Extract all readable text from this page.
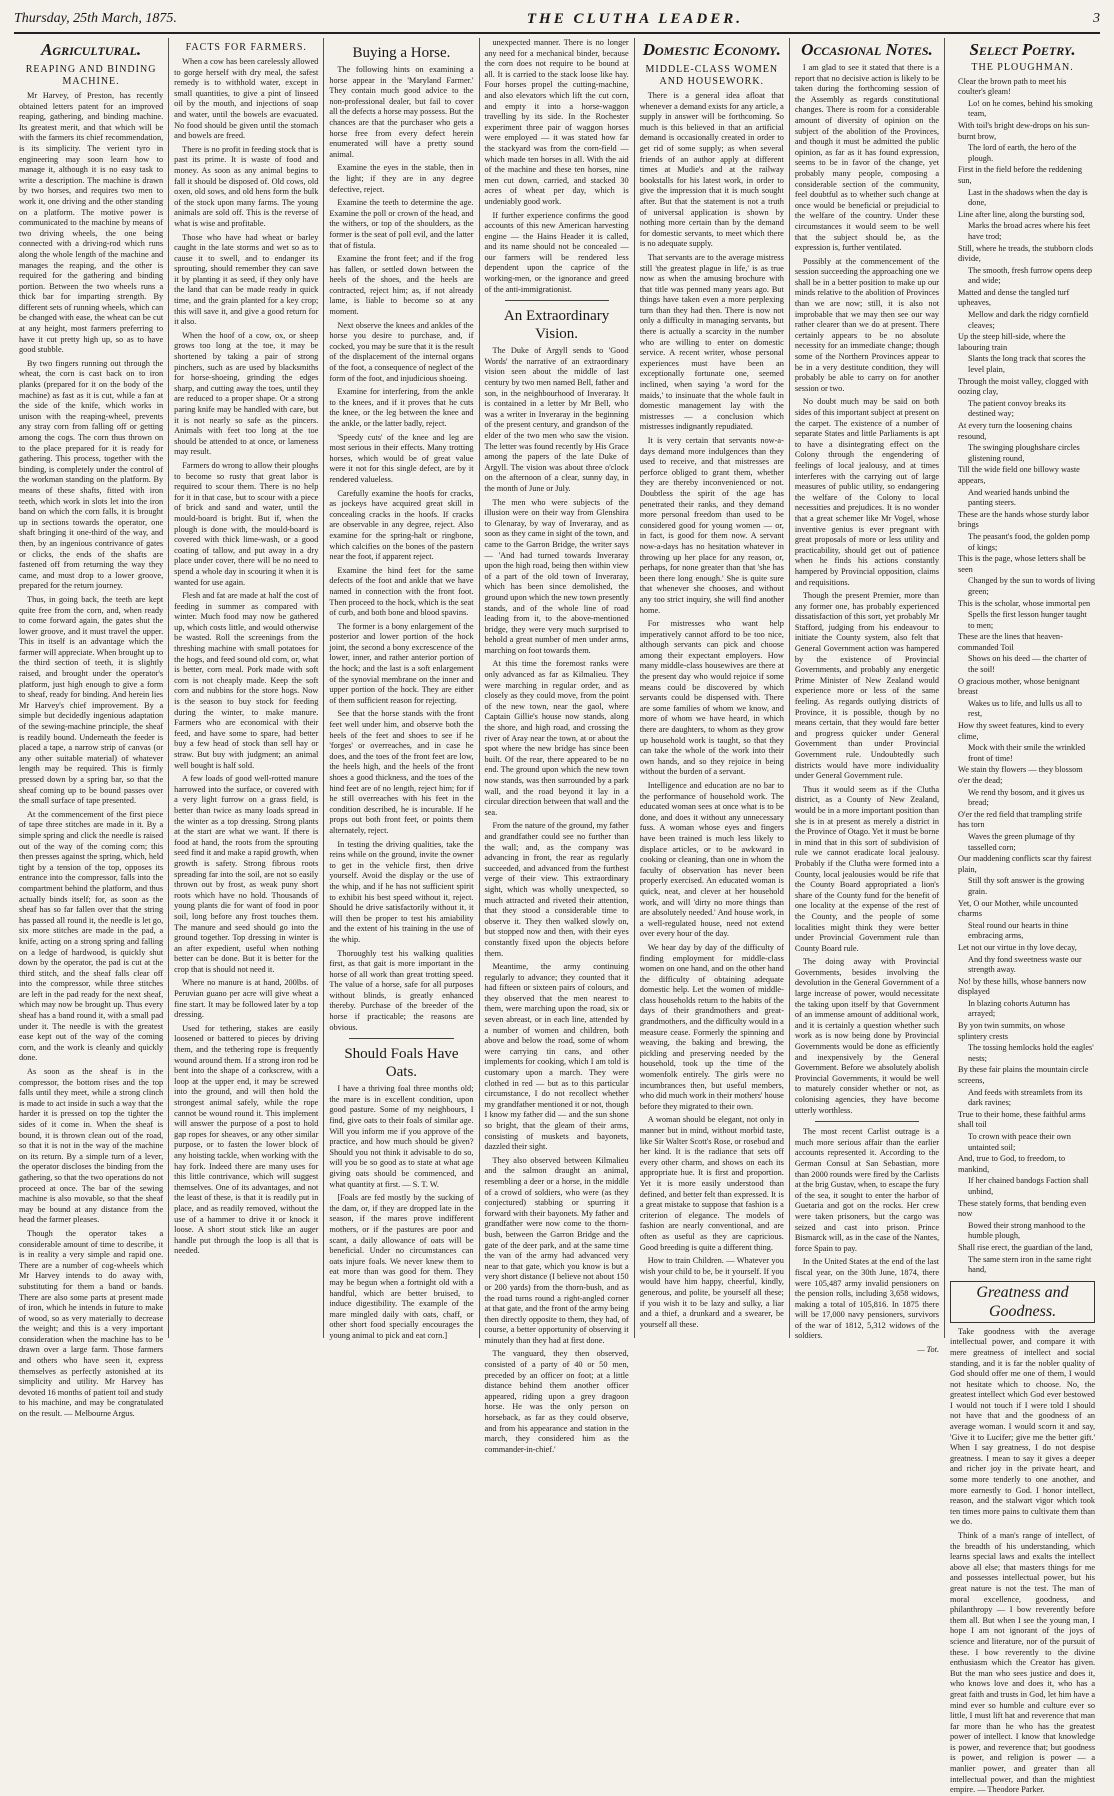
Thursday, 25th March, 1875.	THE CLUTHA LEADER.	3
Agricultural.
REAPING AND BINDING MACHINE.

Mr Harvey, of Preston, has recently obtained letters patent for an improved reaping, gathering, and binding machine. Its greatest merit, and that which will be with the farmers its chief recommendation, is its simplicity. The verient tyro in engineering may soon learn how to manage it, although it is no easy task to write a description. The machine is drawn by two horses, and requires two men to work it, one driving and the other standing on a platform. The motive power is communicated to the machine by means of two driving wheels, the one being connected with a driving-rod which runs along the whole length of the machine and manages the reaping, and the other is required for the gathering and binding portion. Between the two wheels runs a thick bar for imparting strength. By different sets of running wheels, which can be changed with ease, the wheat can be cut at any height, most farmers preferring to have it cut pretty high up, so as to have good stubble.

By two fingers running out through the wheat, the corn is cast back on to iron planks (prepared for it on the body of the machine) as fast as it is cut, while a fan at the side of the knife, which works in unison with the reaping-wheel, prevents any stray corn from falling off or getting among the cogs. The corn thus thrown on to the place prepared for it is ready for gathering. This process, together with the binding, is completely under the control of the workman standing on the platform. By means of these shafts, fitted with iron teeth, which work in slots let into the iron band on which the corn falls, it is brought up in sections towards the operator, one shaft bringing it one-third of the way, and then, by an ingenious contrivance of gates or clicks, the ends of the shafts are fastened off from returning the way they came, and must drop to a lower groove, prepared for the return journey.

Thus, in going back, the teeth are kept quite free from the corn, and, when ready to come forward again, the gates shut the lower groove, and it must travel the upper. This in itself is an advantage which the farmer will appreciate. When brought up to the third section of teeth, it is slightly raised, and brought under the operator's platform, just high enough to give a form to sheaf, ready for binding. And herein lies Mr Harvey's chief improvement. By a simple but decidedly ingenious adaptation of the sewing-machine principle, the sheaf is readily bound. Underneath the feeder is placed a tape, a narrow strip of canvas (or any other suitable material) of whatever length may be required. This is firmly pressed down by a spring bar, so that the sheaf coming up to be bound passes over the small surface of tape presented.

At the commencement of the first piece of tape three stitches are made in it. By a simple spring and click the needle is raised out of the way of the coming corn; this then presses against the spring, which, held tight by a tension of the top, opposes its entrance into the compressor, falls into the compartment behind the platform, and thus actually binds itself; for, as soon as the sheaf has so far fallen over that the string has passed all round it, the needle is let go, six more stitches are made in the pad, a knife, acting on a strong spring and falling on a ledge of hardwood, is quickly shut down by the operator, the pad is cut at the third stitch, and the sheaf falls clear off into the compressor, while three stitches are left in the pad ready for the next sheaf, which may now be brought up. Thus every sheaf has a band round it, with a small pad under it. The needle is with the greatest ease kept out of the way of the coming corn, and the work is cleanly and quickly done.

As soon as the sheaf is in the compressor, the bottom rises and the top falls until they meet, while a strong clinch is made to act inside in such a way that the harder it is pressed on top the tighter the sides of it come in. When the sheaf is bound, it is thrown clean out of the road, so that it is not in the way of the machine on its return. By a simple turn of a lever, the operator discloses the binding from the gathering, so that the two operations do not proceed at once. The bar of the sewing machine is also movable, so that the sheaf may be bound at any distance from the head the farmer pleases.

Though the operator takes a considerable amount of time to describe, it is in reality a very simple and rapid one. There are a number of cog-wheels which Mr Harvey intends to do away with, substituting for them a band or bands. There are also some parts at present made of iron, which he intends in future to make of wood, so as very materially to decrease the weight; and this is a very important consideration when the machine has to be drawn over a large farm. Those farmers and others who have seen it, express themselves as perfectly astonished at its simplicity and utility. Mr Harvey has devoted 16 months of patient toil and study to his machine, and may be congratulated on the result. — Melbourne Argus.

FACTS FOR FARMERS.

When a cow has been carelessly allowed to gorge herself with dry meal, the safest remedy is to withhold water, except in small quantities, to give a pint of linseed oil by the mouth, and injections of soap and water, until the bowels are evacuated. No food should be given until the stomach and bowels are freed.

There is no profit in feeding stock that is past its prime. It is waste of food and money. As soon as any animal begins to fall it should be disposed of. Old cows, old oxen, old sows, and old hens form the bulk of the stock upon many farms. The young animals are sold off. This is the reverse of what is wise and profitable.

Those who have had wheat or barley caught in the late storms and wet so as to cause it to swell, and to endanger its sprouting, should remember they can save it by planting it as seed, if they only have the land that can be made ready in quick time, and the grain planted for a key crop; this will save it, and give a good return for it also.

When the hoof of a cow, ox, or sheep grows too long at the toe, it may be shortened by taking a pair of strong pinchers, such as are used by blacksmiths for horse-shoeing, grinding the edges sharp, and cutting away the toes, until they are reduced to a proper shape. Or a strong paring knife may be handled with care, but it is not nearly so safe as the pincers. Animals with feet too long at the toe should be attended to at once, or lameness may result.

Farmers do wrong to allow their ploughs to become so rusty that great labor is required to scour them. There is no help for it in that case, but to scour with a piece of brick and sand and water, until the mould-board is bright. But if, when the plough is done with, the mould-board is covered with thick lime-wash, or a good coating of tallow, and put away in a dry place under cover, there will be no need to spend a whole day in scouring it when it is wanted for use again.

Flesh and fat are made at half the cost of feeding in summer as compared with winter. Much food may now be gathered up, which costs little, and would otherwise be wasted. Roll the screenings from the threshing machine with small potatoes for the hogs, and feed sound old corn, or, what is better, corn meal. Pork made with soft corn is not cheaply made. Keep the soft corn and nubbins for the store hogs. Now is the season to buy stock for feeding during the winter, to make manure. Farmers who are economical with their feed, and have some to spare, had better buy a few head of stock than sell hay or straw. But buy with judgment; an animal well bought is half sold.

A few loads of good well-rotted manure harrowed into the surface, or covered with a very light furrow on a grass field, is better than twice as many loads spread in the winter as a top dressing. Strong plants at the start are what we want. If there is food at hand, the roots from the sprouting seed find it and make a rapid growth, when growth is safety. Strong fibrous roots spreading far into the soil, are not so easily thrown out by frost, as weak puny short roots which have no hold. Thousands of young plants die for want of food in poor soil, long before any frost touches them. The manure and seed should go into the ground together. Top dressing in winter is an after expedient, useful when nothing better can be done. But it is better for the crop that is should not need it.

Where no manure is at hand, 200lbs. of Peruvian guano per acre will give wheat a fine start. It may be followed later by a top dressing.

Used for tethering, stakes are easily loosened or battered to pieces by driving them, and the tethering rope is frequently wound around them. If a strong iron rod be bent into the shape of a corkscrew, with a loop at the upper end, it may be screwed into the ground, and will then hold the strongest animal safely, while the rope cannot be wound round it. This implement will answer the purpose of a post to hold gap ropes for sheaves, or any other similar purpose, or to fasten the lower block of any hoisting tackle, when working with the hay fork. Indeed there are many uses for this little contrivance, which will suggest themselves. One of its advantages, and not the least of these, is that it is readily put in place, and as readily removed, without the use of a hammer to drive it or knock it loose. A short stout stick like an auger handle put through the loop is all that is needed.

Buying a Horse.

The following hints on examining a horse appear in the 'Maryland Farmer.' They contain much good advice to the non-professional dealer, but fail to cover all the defects a horse may possess. But the chances are that the purchaser who gets a horse free from every defect herein enumerated will have a pretty sound animal.

Examine the eyes in the stable, then in the light; if they are in any degree defective, reject.

Examine the teeth to determine the age. Examine the poll or crown of the head, and the withers, or top of the shoulders, as the former is the seat of poll evil, and the latter that of fistula.

Examine the front feet; and if the frog has fallen, or settled down between the heels of the shoes, and the heels are contracted, reject him; as, if not already lame, is liable to become so at any moment.

Next observe the knees and ankles of the horse you desire to purchase, and, if cocked, you may be sure that it is the result of the displacement of the internal organs of the foot, a consequence of neglect of the form of the foot, and injudicious shoeing.

Examine for interfering, from the ankle to the knees, and if it proves that he cuts the knee, or the leg between the knee and the ankle, or the latter badly, reject.

'Speedy cuts' of the knee and leg are most serious in their effects. Many trotting horses, which would be of great value were it not for this single defect, are by it rendered valueless.

Carefully examine the hoofs for cracks, as jockeys have acquired great skill in concealing cracks in the hoofs. If cracks are observable in any degree, reject. Also examine for the spring-halt or ringbone, which calcifies on the bones of the pastern near the foot, if apparent reject.

Examine the hind feet for the same defects of the foot and ankle that we have named in connection with the front foot. Then proceed to the hock, which is the seat of curb, and both bone and blood spavins.

The former is a bony enlargement of the posterior and lower portion of the hock joint, the second a bony excrescence of the lower, inner, and rather anterior portion of the hock; and the last is a soft enlargement of the synovial membrane on the inner and upper portion of the hock. They are either of them sufficient reason for rejecting.

See that the horse stands with the front feet well under him, and observe both the heels of the feet and shoes to see if he 'forges' or overreaches, and in case he does, and the toes of the front feet are low, the heels high, and the heels of the front shoes a good thickness, and the toes of the hind feet are of no length, reject him; for if he still overreaches with his feet in the condition described, he is incurable. If he props out both front feet, or points them alternately, reject.

In testing the driving qualities, take the reins while on the ground, invite the owner to get in the vehicle first, then drive yourself. Avoid the display or the use of the whip, and if he has not sufficient spirit to exhibit his best speed without it, reject. Should he drive satisfactorily without it, it will then be proper to test his amiability and the extent of his training in the use of the whip.

Thoroughly test his walking qualities first, as that gait is more important in the horse of all work than great trotting speed. The value of a horse, safe for all purposes without blinds, is greatly enhanced thereby. Purchase of the breeder of the horse if practicable; the reasons are obvious.

Should Foals Have Oats.

I have a thriving foal three months old; the mare is in excellent condition, upon good pasture. Some of my neighbours, I find, give oats to their foals of similar age. Will you inform me if you approve of the practice, and how much should be given? Should you not think it advisable to do so, will you be so good as to state at what age giving oats should be commenced, and what quantity at first. — S. T. W.

[Foals are fed mostly by the sucking of the dam, or, if they are dropped late in the season, if the mares prove indifferent mothers, or if the pastures are poor and scant, a daily allowance of oats will be beneficial. Under no circumstances can oats injure foals. We never knew them to eat more than was good for them. They may be begun when a fortnight old with a handful, which are better bruised, to induce digestibility. The example of the mare mingled daily with oats, chaff, or other short food specially encourages the young animal to pick and eat corn.]

unexpected manner. There is no longer any need for a mechanical binder, because the corn does not require to be bound at all. It is carried to the stack loose like hay. Four horses propel the cutting-machine, and also elevators which lift the cut corn, and empty it into a horse-waggon travelling by its side. In the Rochester experiment three pair of waggon horses were employed — it was stated how far the stackyard was from the corn-field — which made ten horses in all. With the aid of the machine and these ten horses, nine men cut down, carried, and stacked 30 acres of wheat per day, which is undeniably good work.

If further experience confirms the good accounts of this new American harvesting engine — the Hains Header it is called, and its name should not be concealed — our farmers will be rendered less dependent upon the caprice of the working-men, or the ignorance and greed of the anti-immigrationist.

An Extraordinary Vision.

The Duke of Argyll sends to 'Good Words' the narrative of an extraordinary vision seen about the middle of last century by two men named Bell, father and son, in the neighbourhood of Inveraray. It is contained in a letter by Mr Bell, who was a writer in Inveraray in the beginning of the present century, and grandson of the elder of the two men who saw the vision. The letter was found recently by His Grace among the papers of the late Duke of Argyll. The vision was about three o'clock on the afternoon of a clear, sunny day, in the month of June or July.

The men who were subjects of the illusion were on their way from Glenshira to Glenaray, by way of Inveraray, and as soon as they came in sight of the town, and came to the Garron Bridge, the writer says — 'And had turned towards Inveraray upon the high road, being then within view of a part of the old town of Inveraray, which has been since demolished, the ground upon which the new town presently stands, and of the whole line of road leading from it, to the above-mentioned bridge, they were very much surprised to behold a great number of men under arms, marching on foot towards them.

At this time the foremost ranks were only advanced as far as Kilmalieu. They were marching in regular order, and as closely as they could move, from the point of the new town, near the gaol, where Captain Gillie's house now stands, along the shore, and high road, and crossing the river of Aray near the town, at or about the spot where the new bridge has since been built. Of the rear, there appeared to be no end. The ground upon which the new town now stands, was then surrounded by a park wall, and the road beyond it lay in a circular direction between that wall and the sea.

From the nature of the ground, my father and grandfather could see no further than the wall; and, as the company was advancing in front, the rear as regularly succeeded, and advanced from the furthest verge of their view. This extraordinary sight, which was wholly unexpected, so much attracted and riveted their attention, that they stood a considerable time to observe it. They then walked slowly on, but stopped now and then, with their eyes constantly fixed upon the objects before them.

Meantime, the army continuing regularly to advance; they counted that it had fifteen or sixteen pairs of colours, and they observed that the men nearest to them, were marching upon the road, six or seven abreast, or in each line, attended by a number of women and children, both above and below the road, some of whom were carrying tin cans, and other implements for cooking, which I am told is customary upon a march. They were clothed in red — but as to this particular circumstance, I do not recollect whether my grandfather mentioned it or not, though I know my father did — and the sun shone so bright, that the gleam of their arms, consisting of muskets and bayonets, dazzled their sight.

They also observed between Kilmalieu and the salmon draught an animal, resembling a deer or a horse, in the middle of a crowd of soldiers, who were (as they conjectured) stabbing or spurring it forward with their bayonets. My father and grandfather were now come to the thorn-bush, between the Garron Bridge and the gate of the deer park, and at the same time the van of the army had advanced very near to that gate, which you know is but a very short distance (I believe not about 150 or 200 yards) from the thorn-bush, and as the road turns round a right-angled corner at that gate, and the front of the army being then directly opposite to them, they had, of course, a better opportunity of observing it minutely than they had at first done.

The vanguard, they then observed, consisted of a party of 40 or 50 men, preceded by an officer on foot; at a little distance behind them another officer appeared, riding upon a grey dragoon horse. He was the only person on horseback, as far as they could observe, and from his appearance and station in the march, they considered him as the commander-in-chief.'

Domestic Economy.
MIDDLE-CLASS WOMEN AND HOUSEWORK.

There is a general idea afloat that whenever a demand exists for any article, a supply in answer will be forthcoming. So much is this believed in that an artificial demand is occasionally created in order to get rid of some supply; as when several friends of an author apply at different times at Mudie's and at the railway bookstalls for his latest work, in order to give the impression that it is much sought after. But that the statement is not a truth of universal application is shown by nothing more certain than by the demand for domestic servants, to meet which there is no adequate supply.

That servants are to the average mistress still 'the greatest plague in life,' is as true now as when the amusing brochure with that title was penned many years ago. But things have taken even a more perplexing turn than they had then. There is now not only a difficulty in managing servants, but there is actually a scarcity in the number who are willing to enter on domestic service. A recent writer, whose personal experiences must have been an exceptionally fortunate one, seemed inclined, when saying 'a word for the maids,' to insinuate that the whole fault in domestic management lay with the mistresses — a conclusion which mistresses indignantly repudiated.

It is very certain that servants now-a-days demand more indulgences than they used to receive, and that mistresses are perforce obliged to grant them, whether they are thereby inconvenienced or not. Doubtless the spirit of the age has penetrated their ranks, and they demand more personal freedom than used to be considered good for young women — or, in fact, is good for them now. A servant now-a-days has no hesitation whatever in throwing up her place for any reason, or, perhaps, for none greater than that 'she has been there long enough.' She is quite sure that whenever she chooses, and without any too strict inquiry, she will find another home.

For mistresses who want help imperatively cannot afford to be too nice, although servants can pick and choose among their expectant employers. How many middle-class housewives are there at the present day who would rejoice if some means could be discovered by which servants could be dispensed with. There are some families of whom we know, and more of whom we have heard, in which there are daughters, to whom as they grow up household work is taught, so that they can take the whole of the work into their own hands, and so they rejoice in being without the burden of a servant.

Intelligence and education are no bar to the performance of household work. The educated woman sees at once what is to be done, and does it without any unnecessary fuss. A woman whose eyes and fingers have been trained is much less likely to displace articles, or to be awkward in cooking or cleaning, than one in whom the faculty of observation has never been properly exercised. An educated woman is quick, neat, and clever at her household work, and will 'dirty no more things than are absolutely needed.' And house work, in a well-regulated house, need not extend over every hour of the day.

We hear day by day of the difficulty of finding employment for middle-class women on one hand, and on the other hand the difficulty of obtaining adequate domestic help. Let the women of middle-class households return to the habits of the days of their grandmothers and great-grandmothers, and the difficulty would in a measure cease. Formerly the spinning and weaving, the baking and brewing, the pickling and preserving needed by the household, took up the time of the womenfolk entirely. The girls were no incumbrances then, but useful members, who did much work in their mothers' house before they migrated to their own.

A woman should be elegant, not only in manner but in mind, without morbid taste, like Sir Walter Scott's Rose, or rosebud and her kind. It is the radiance that sets off every other charm, and shows on each its appropriate hue. It is first and proportion. Yet it is more easily understood than defined, and better felt than expressed. It is a great mistake to suppose that fashion is a criterion of elegance. The models of fashion are nearly conventional, and are often as useful as they are capricious. Good breeding is quite a different thing.

How to train Children. — Whatever you wish your child to be, be it yourself. If you would have him happy, cheerful, kindly, generous, and polite, be yourself all these; if you wish it to be lazy and sulky, a liar and a thief, a drunkard and a swearer, be yourself all these.

Occasional Notes.

I am glad to see it stated that there is a report that no decisive action is likely to be taken during the forthcoming session of the Assembly as regards constitutional changes. There is room for a considerable amount of diversity of opinion on the subject of the abolition of the Provinces, and though it must be admitted the public opinion, as far as it has found expression, seems to be in favor of the change, yet probably many people, composing a considerable section of the community, feel doubtful as to whether such change at once would be beneficial or prejudicial to the welfare of the country. Under these circumstances it would seem to be well that the subject should be, as the expression is, further ventilated.

Possibly at the commencement of the session succeeding the approaching one we shall be in a better position to make up our minds relative to the abolition of Provinces than we are now; still, it is also not improbable that we may then see our way rather clearer than we do at present. There certainly appears to be no absolute necessity for an immediate change; though some of the Northern Provinces appear to be in a very destitute condition, they will probably be able to carry on for another session or two.

No doubt much may be said on both sides of this important subject at present on the carpet. The existence of a number of separate States and little Parliaments is apt to have a disintegrating effect on the Colony through the engendering of feelings of local jealousy, and at times interferes with the carrying out of large measures of public utility, so endangering the welfare of the Colony to local necessities and prejudices. It is no wonder that a great schemer like Mr Vogel, whose inventive genius is ever pregnant with great proposals of more or less utility and practicability, should get out of patience when he finds his actions constantly hampered by Provincial opposition, claims and requisitions.

Though the present Premier, more than any former one, has probably experienced dissatisfaction of this sort, yet probably Mr Stafford, judging from his endeavour to initiate the County system, also felt that General Government action was hampered by the existence of Provincial Governments, and probably any energetic Prime Minister of New Zealand would experience more or less of the same feeling. As regards outlying districts of Province, it is possible, though by no means certain, that they would fare better and progress quicker under General Government than under Provincial Government rule. Undoubtedly such districts would have more individuality under General Government rule.

Thus it would seem as if the Clutha district, as a County of New Zealand, would be in a more important position than she is in at present as merely a district in the Province of Otago. Yet it must be borne in mind that in this sort of subdivision of rule we cannot eradicate local jealousy. Probably if the Clutha were formed into a County, local jealousies would be rife that the County Board appropriated a lion's share of the County fund for the benefit of one locality at the expense of the rest of the County, and the people of some localities might think they were better under Provincial Government rule than County Board rule.

The doing away with Provincial Governments, besides involving the devolution in the General Government of a large increase of power, would necessitate the taking upon itself by that Government of an immense amount of additional work, and it is certainly a question whether such work as is now being done by Provincial Governments would be done as efficiently and inexpensively by the General Government. Before we absolutely abolish Provincial Governments, it would be well to maturely consider whether or not, as colonising agencies, they have become utterly worthless.

The most recent Carlist outrage is a much more serious affair than the earlier accounts represented it. According to the German Consul at San Sebastian, more than 2000 rounds were fired by the Carlists at the brig Gustav, when, to escape the fury of the sea, it sought to enter the harbor of Guetaria and got on the rocks. Her crew were taken prisoners, but the cargo was seized and cast into prison. Prince Bismarck will, as in the case of the Nantes, force Spain to pay.

In the United States at the end of the last fiscal year, on the 30th June, 1874, there were 105,487 army invalid pensioners on the pension rolls, including 3,658 widows, making a total of 105,816. In 1875 there will be 17,000 navy pensioners, survivors of the war of 1812, 5,312 widows of the soldiers.

— Tot.
Select Poetry.
THE PLOUGHMAN.

Clear the brown path to meet his coulter's gleam!

Lo! on he comes, behind his smoking team,

With toil's bright dew-drops on his sun-burnt brow,

The lord of earth, the hero of the plough.

First in the field before the reddening sun,

Last in the shadows when the day is done,

Line after line, along the bursting sod,

Marks the broad acres where his feet have trod;

Still, where he treads, the stubborn clods divide,

The smooth, fresh furrow opens deep and wide;

Matted and dense the tangled turf upheaves,

Mellow and dark the ridgy cornfield cleaves;

Up the steep hill-side, where the labouring train

Slants the long track that scores the level plain,

Through the moist valley, clogged with oozing clay,

The patient convoy breaks its destined way;

At every turn the loosening chains resound,

The swinging ploughshare circles glistening round,

Till the wide field one billowy waste appears,

And wearied hands unbind the panting steers.

These are the hands whose sturdy labor brings

The peasant's food, the golden pomp of kings;

This is the page, whose letters shall be seen

Changed by the sun to words of living green;

This is the scholar, whose immortal pen

Spells the first lesson hunger taught to men;

These are the lines that heaven-commanded Toil

Shows on his deed — the charter of the soil!

O gracious mother, whose benignant breast

Wakes us to life, and lulls us all to rest,

How thy sweet features, kind to every clime,

Mock with their smile the wrinkled front of time!

We stain thy flowers — they blossom o'er the dead;

We rend thy bosom, and it gives us bread;

O'er the red field that trampling strife has torn

Waves the green plumage of thy tasselled corn;

Our maddening conflicts scar thy fairest plain,

Still thy soft answer is the growing grain.

Yet, O our Mother, while uncounted charms

Steal round our hearts in thine embracing arms,

Let not our virtue in thy love decay,

And thy fond sweetness waste our strength away.

No! by these hills, whose banners now displayed

In blazing cohorts Autumn has arrayed;

By yon twin summits, on whose splintery crests

The tossing hemlocks hold the eagles' nests;

By these fair plains the mountain circle screens,

And feeds with streamlets from its dark ravines;

True to their home, these faithful arms shall toil

To crown with peace their own untainted soil;

And, true to God, to freedom, to mankind,

If her chained bandogs Faction shall unbind,

These stately forms, that bending even now

Bowed their strong manhood to the humble plough,

Shall rise erect, the guardian of the land,

The same stern iron in the same right hand,

Greatness and Goodness.

Take goodness with the average intellectual power, and compare it with mere greatness of intellect and social standing, and it is far the nobler quality of God should offer me one of them, I would not hesitate which to choose. No, the greatest intellect which God ever bestowed I would not touch if I were told I should not have that and the goodness of an average woman. I would scorn it and say, 'Give it to Lucifer; give me the better gift.' When I say greatness, I do not despise greatness. I mean to say it gives a deeper and richer joy in the private heart, and some more tenderly to one another, and more earnestly to God. I honor intellect, reason, and the stalwart vigor which took ten times more pains to cultivate them than we do.

Think of a man's range of intellect, of the breadth of his understanding, which learns special laws and exalts the intellect above all else; that masters things for me and possesses intellectual power, but his great nature is not the test. The man of moral excellence, goodness, and philanthropy — I bow reverently before them all. But when I see the young man, I hope I am not ignorant of the joys of science and literature, nor of the pursuit of these. I bow reverently to the divine enthusiasm which the Creator has given. But the man who sees justice and does it, who knows love and does it, who has a great faith and trusts in God, let him have a mind ever so humble and culture ever so little, I must lift hat and reverence that man far more than he who has the greatest power of intellect. I know that knowledge is power, and reverence that; but goodness is power, and religion is power — a manlier power, and greater than all intellectual power, and than the mightiest empire. — Theodore Parker.
